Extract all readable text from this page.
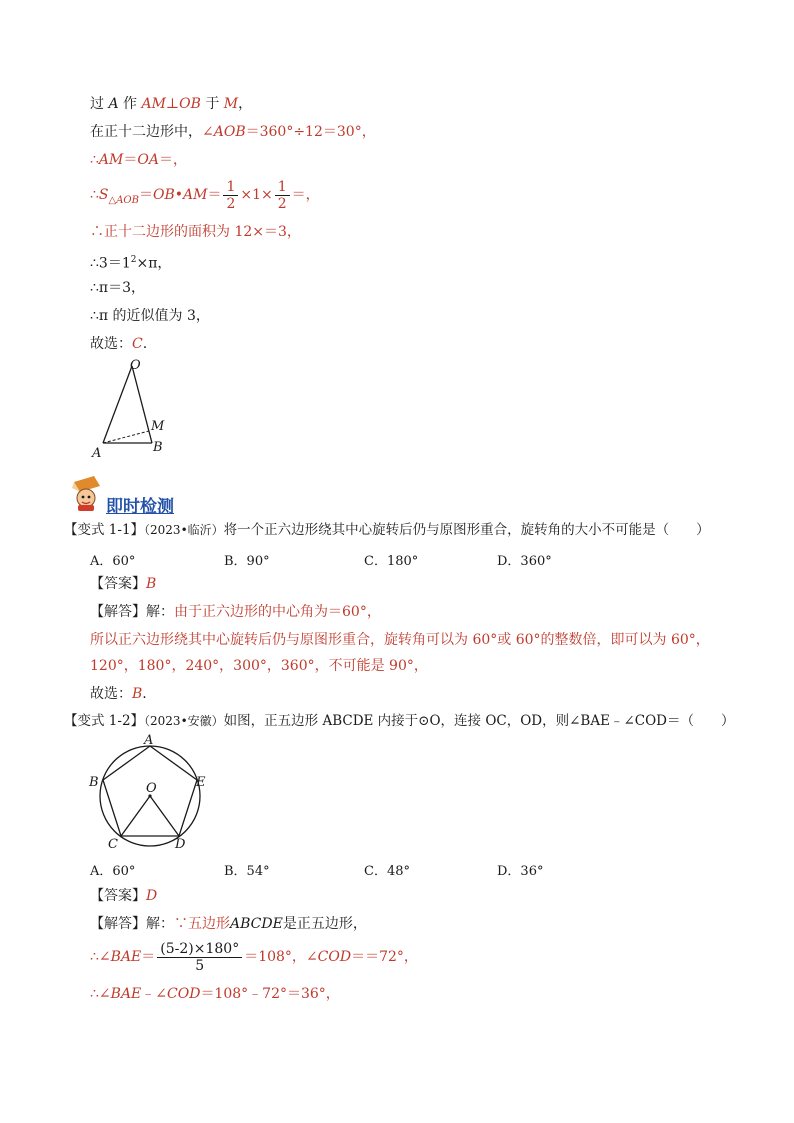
过 A 作 AM⊥OB 于 M，
在正十二边形中，∠AOB＝360°÷12＝30°，
∴AM＝OA＝，
$\therefore S_{\triangle AOB}=OB•AM= \frac{1}{2} \times 1\times \frac{1}{2}$ ＝，
∴正十二边形的面积为 12×＝3，
$\therefore 3=1^2\times\pi$，
∴π＝3，
∴π 的近似值为 3，
故选：C.
O
M
A	B
即时检测
【变式 1-1】（2023•临沂）将一个正六边形绕其中心旋转后仍与原图形重合，旋转角的大小不可能是（　　）
A．60°	B．90°	C．180°	D．360°
【答案】B
【解答】解：由于正六边形的中心角为＝60°，
所以正六边形绕其中心旋转后仍与原图形重合，旋转角可以为 60°或 60°的整数倍，即可以为 60°，
120°，180°，240°，300°，360°，不可能是 90°，
故选：B.
【变式 1-2】（2023•安徽）如图，正五边形 ABCDE 内接于⊙O，连接 OC，OD，则∠BAE﹣∠COD＝（　　）
A
B	E
O
C	D
A．60°	B．54°	C．48°	D．36°
【答案】D
【解答】解：∵五边形ABCDE是正五边形，
∴∠BAE＝ $\frac{(5-2)\times 180^\circ}{5} =108^\circ$，∠COD＝＝72°，
∴∠BAE﹣∠COD＝108°﹣72°＝36°，
